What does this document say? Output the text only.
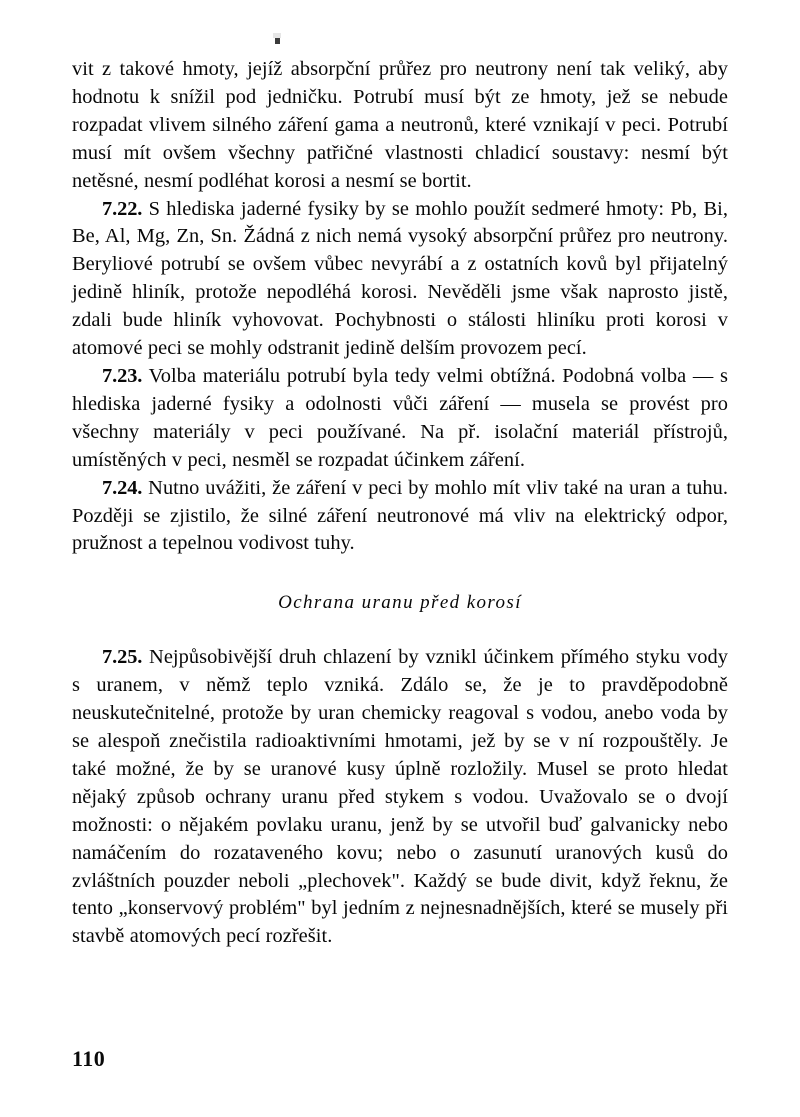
vit z takové hmoty, jejíž absorpční průřez pro neutrony není tak veliký, aby hodnotu k snížil pod jedničku. Potrubí musí být ze hmoty, jež se nebude rozpadat vlivem silného záření gama a neutronů, které vznikají v peci. Potrubí musí mít ovšem všechny patřičné vlastnosti chladicí soustavy: nesmí být netěsné, nesmí podléhat korosi a nesmí se bortit.

7.22. S hlediska jaderné fysiky by se mohlo použít sedmeré hmoty: Pb, Bi, Be, Al, Mg, Zn, Sn. Žádná z nich nemá vysoký absorpční průřez pro neutrony. Beryliové potrubí se ovšem vůbec nevyrábí a z ostatních kovů byl přijatelný jedině hliník, protože nepodléhá korosi. Nevěděli jsme však naprosto jistě, zdali bude hliník vyhovovat. Pochybnosti o stálosti hliníku proti korosi v atomové peci se mohly odstranit jedině delším provozem pecí.

7.23. Volba materiálu potrubí byla tedy velmi obtížná. Podobná volba — s hlediska jaderné fysiky a odolnosti vůči záření — musela se provést pro všechny materiály v peci používané. Na př. isolační materiál přístrojů, umístěných v peci, nesměl se rozpadat účinkem záření.

7.24. Nutno uvážiti, že záření v peci by mohlo mít vliv také na uran a tuhu. Později se zjistilo, že silné záření neutronové má vliv na elektrický odpor, pružnost a tepelnou vodivost tuhy.

Ochrana uranu před korosí

7.25. Nejpůsobivější druh chlazení by vznikl účinkem přímého styku vody s uranem, v němž teplo vzniká. Zdálo se, že je to pravděpodobně neuskutečnitelné, protože by uran chemicky reagoval s vodou, anebo voda by se alespoň znečistila radioaktivními hmotami, jež by se v ní rozpouštěly. Je také možné, že by se uranové kusy úplně rozložily. Musel se proto hledat nějaký způsob ochrany uranu před stykem s vodou. Uvažovalo se o dvojí možnosti: o nějakém povlaku uranu, jenž by se utvořil buď galvanicky nebo namáčením do rozataveného kovu; nebo o zasunutí uranových kusů do zvláštních pouzder neboli „plechovek". Každý se bude divit, když řeknu, že tento „konservový problém" byl jedním z nejnesnadnějších, které se musely při stavbě atomových pecí rozřešit.

110
